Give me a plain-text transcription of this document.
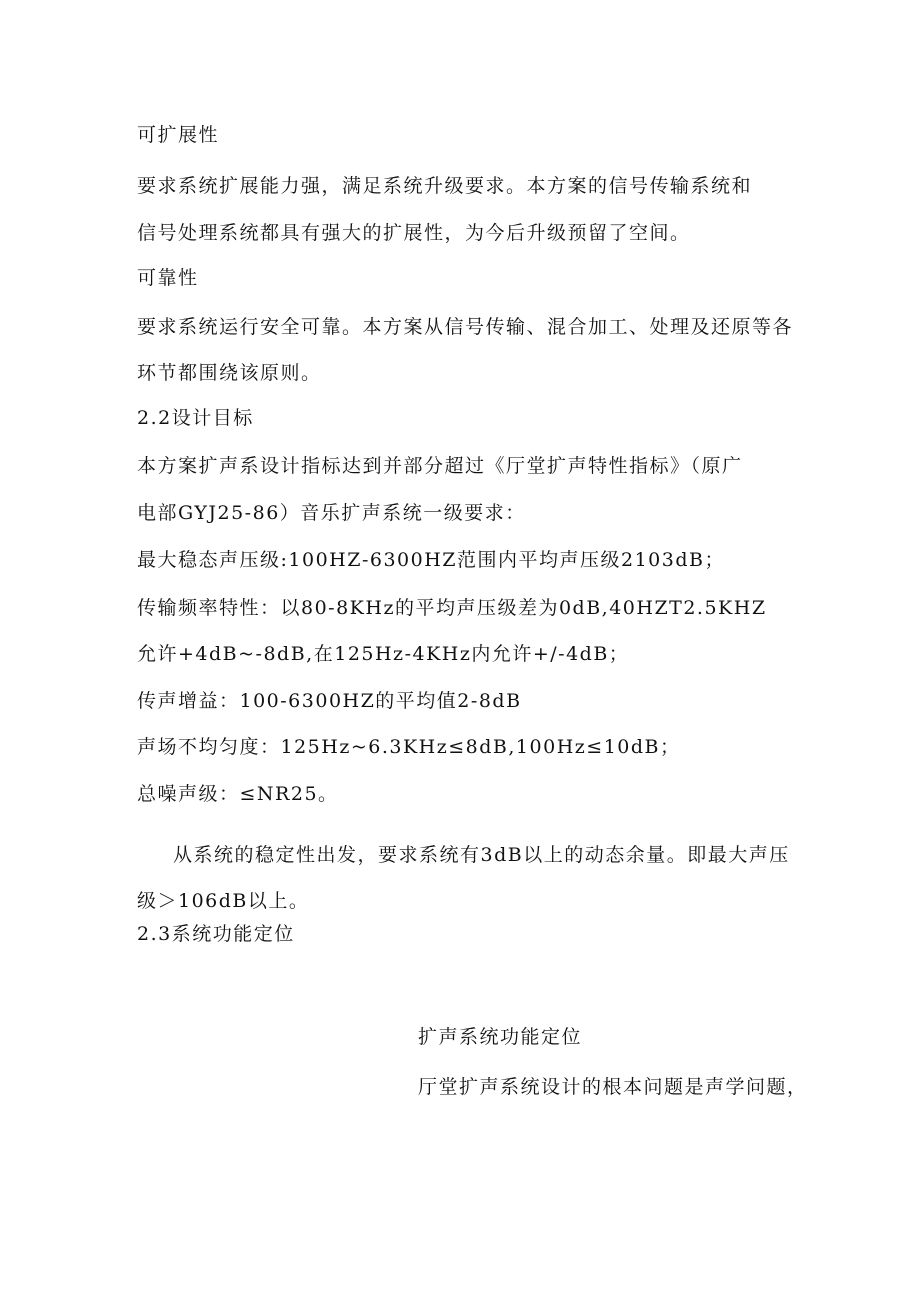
可扩展性
要求系统扩展能力强，满足系统升级要求。本方案的信号传输系统和
信号处理系统都具有强大的扩展性，为今后升级预留了空间。
可靠性
要求系统运行安全可靠。本方案从信号传输、混合加工、处理及还原等各
环节都围绕该原则。
2.2设计目标
本方案扩声系设计指标达到并部分超过《厅堂扩声特性指标》（原广
电部GYJ25-86）音乐扩声系统一级要求：
最大稳态声压级:100HZ-6300HZ范围内平均声压级2103dB；
传输频率特性：以80-8KHz的平均声压级差为0dB,40HZT2.5KHZ
允许+4dB~-8dB,在125Hz-4KHz内允许+/-4dB；
传声增益：100-6300HZ的平均值2-8dB
声场不均匀度：125Hz~6.3KHz≤8dB,100Hz≤10dB；
总噪声级：≤NR25。
从系统的稳定性出发，要求系统有3dB以上的动态余量。即最大声压
级＞106dB以上。
2.3系统功能定位
扩声系统功能定位
厅堂扩声系统设计的根本问题是声学问题，
